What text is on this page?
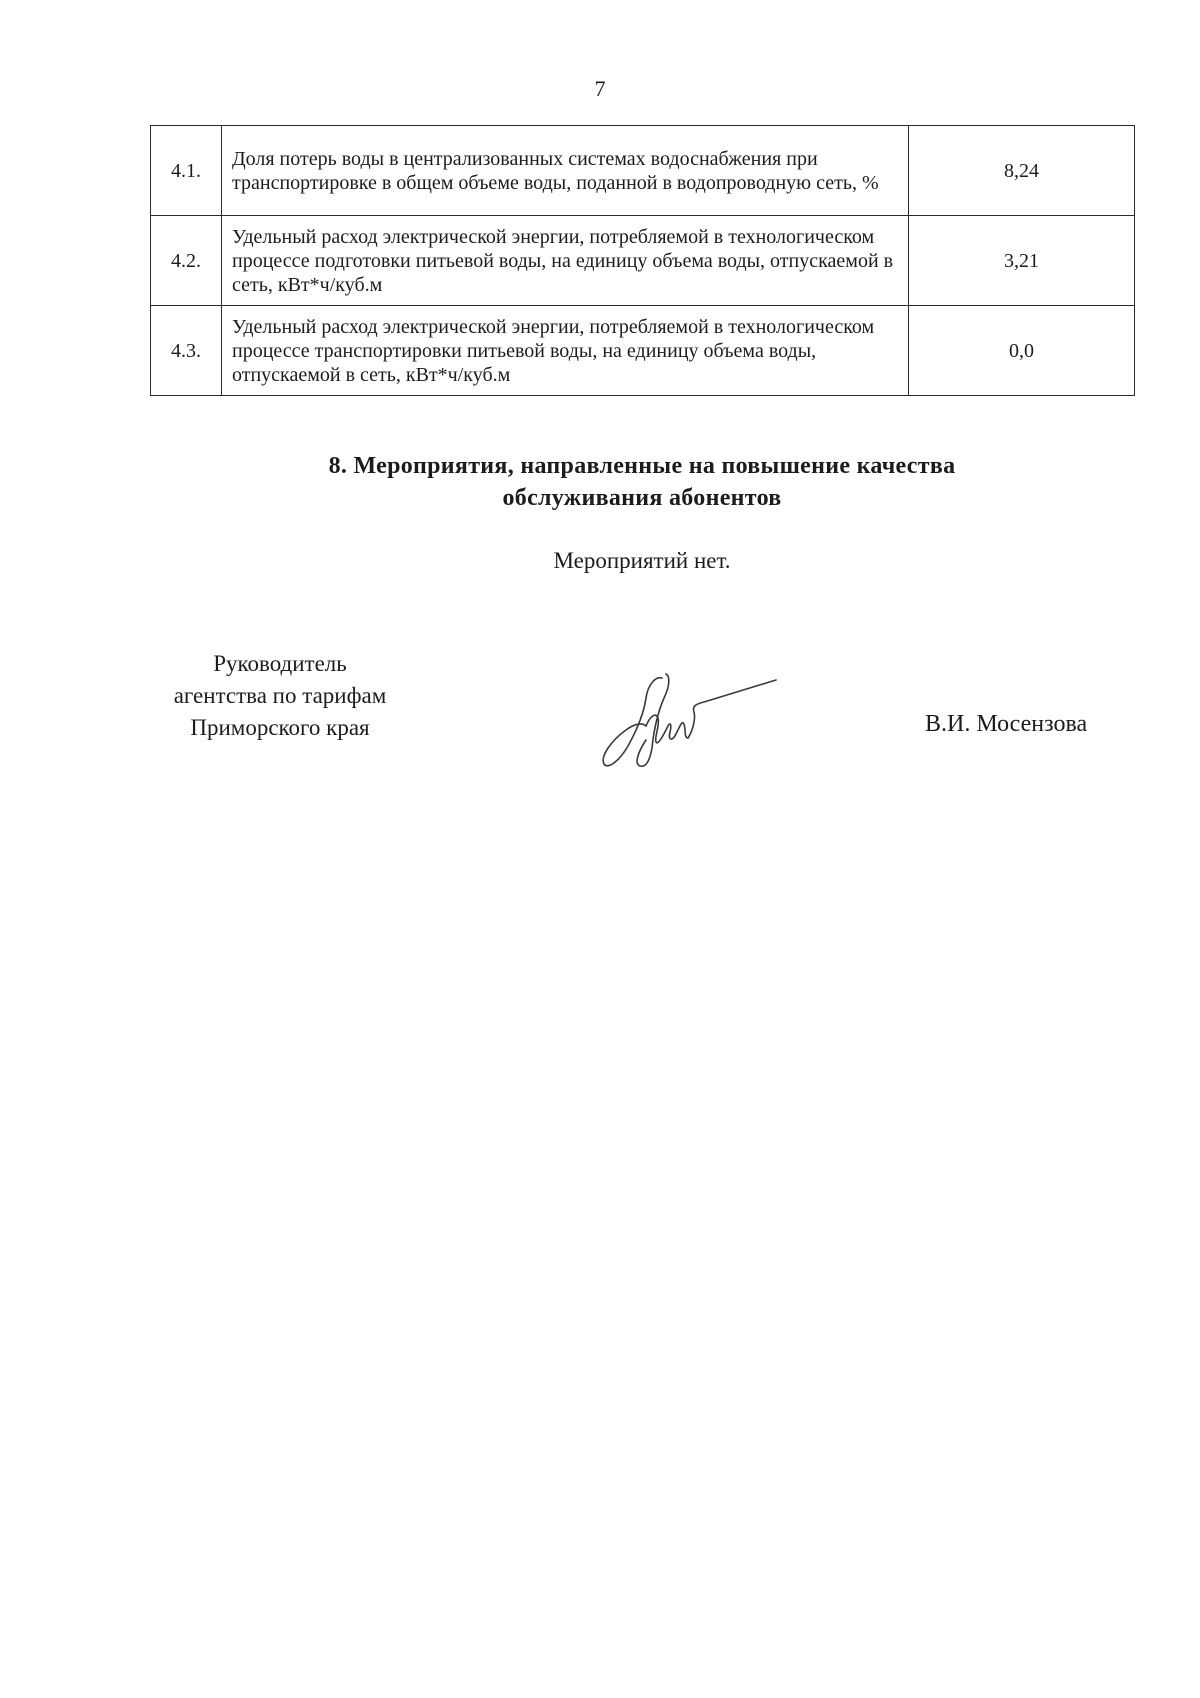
7
4.1.	Доля потерь воды в централизованных системах водоснабжения при транспортировке в общем объеме воды, поданной в водопроводную сеть, %	8,24
4.2.	Удельный расход электрической энергии, потребляемой в технологическом процессе подготовки питьевой воды, на единицу объема воды, отпускаемой в сеть, кВт*ч/куб.м	3,21
4.3.	Удельный расход электрической энергии, потребляемой в технологическом процессе транспортировки питьевой воды, на единицу объема воды, отпускаемой в сеть, кВт*ч/куб.м	0,0
8. Мероприятия, направленные на повышение качества
обслуживания абонентов
Мероприятий нет.
Руководитель
агентства по тарифам
Приморского края	В.И. Мосензова
